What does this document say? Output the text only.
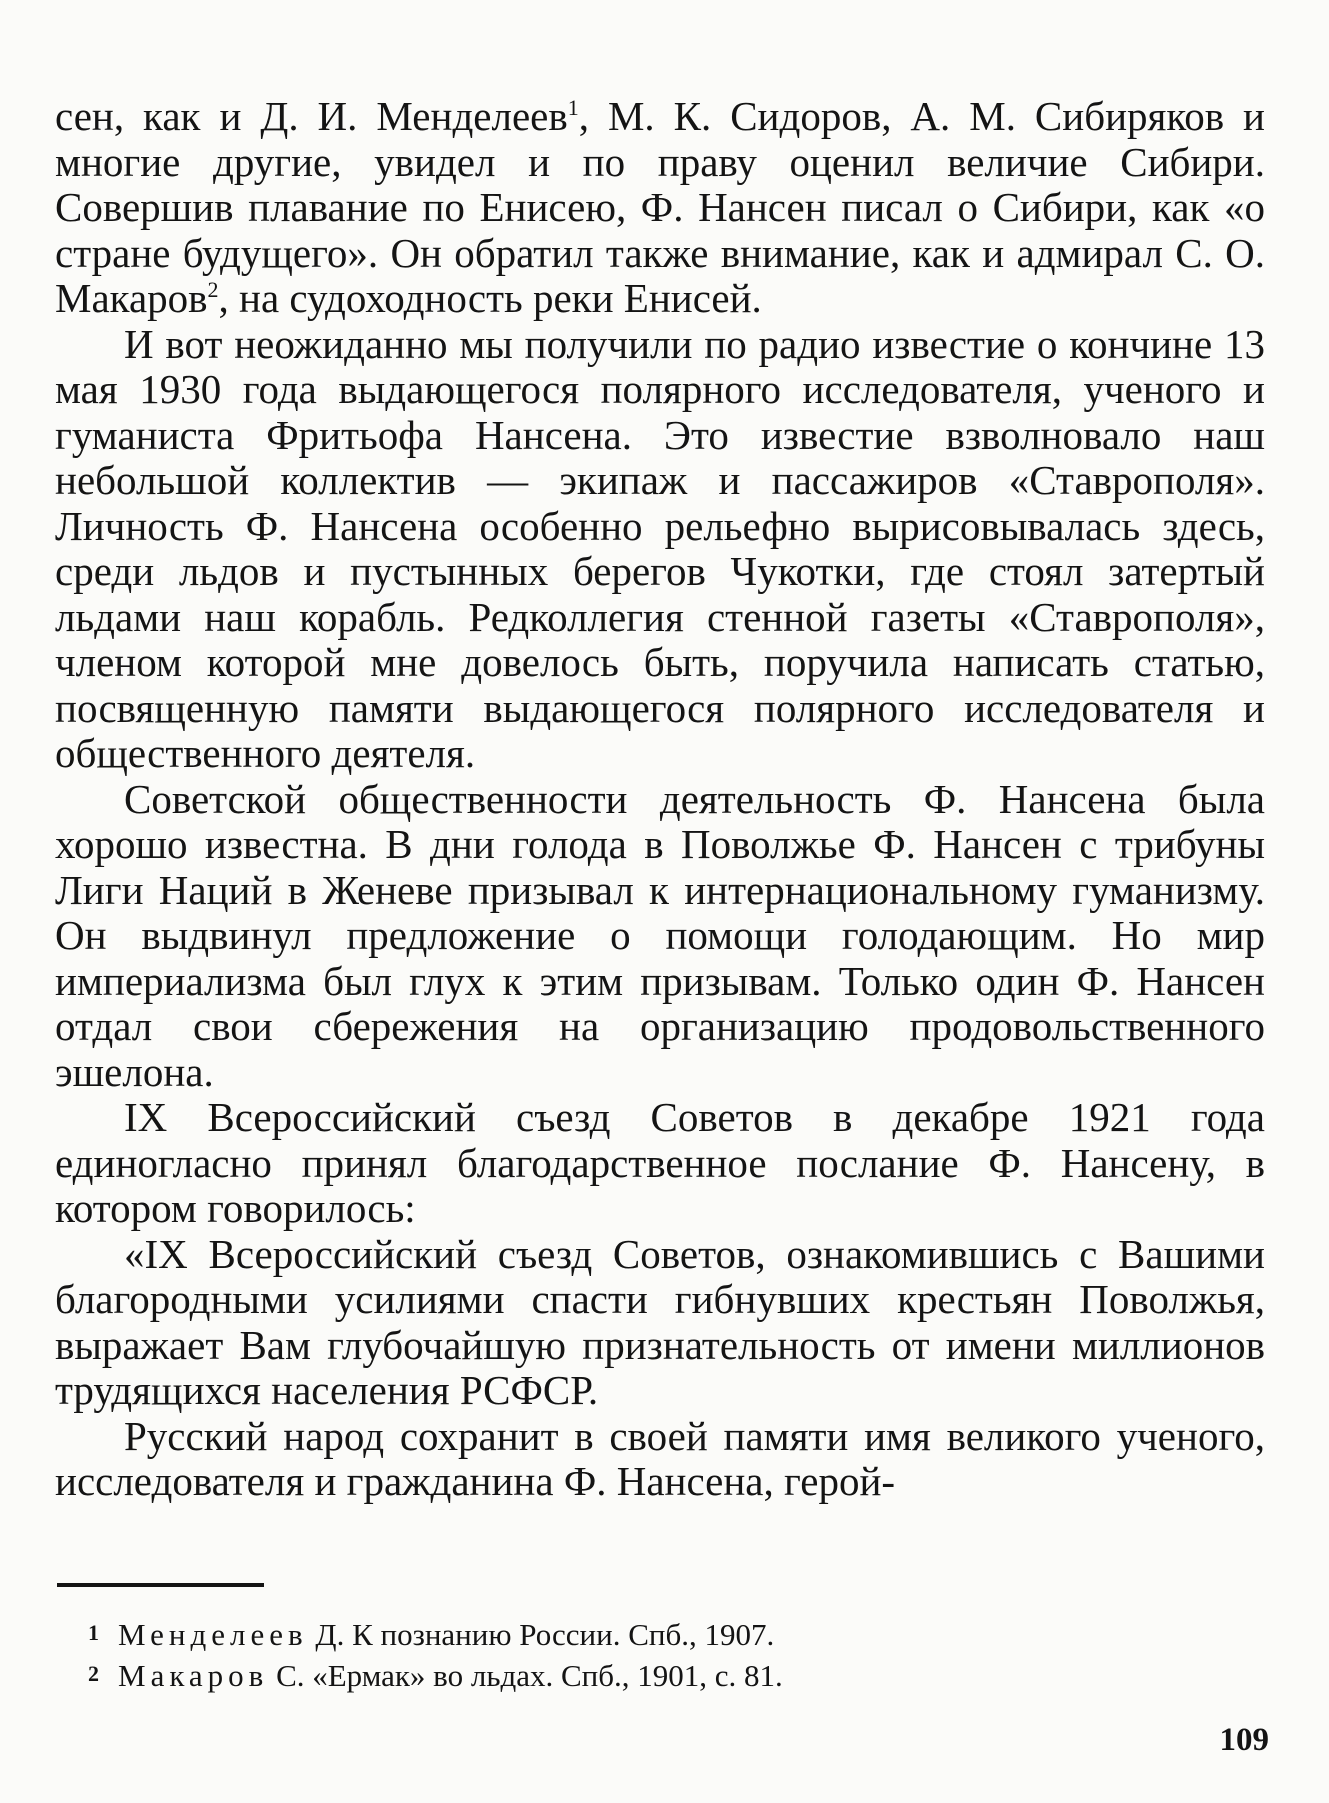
сен, как и Д. И. Менделеев$^1$, М. К. Сидоров, А. М. Сибиряков и многие другие, увидел и по праву оценил величие Сибири. Совершив плавание по Енисею, Ф. Нансен писал о Сибири, как «о стране будущего». Он обратил также внимание, как и адмирал С. О. Макаров$^2$, на судоходность реки Енисей.

И вот неожиданно мы получили по радио известие о кончине 13 мая 1930 года выдающегося полярного исследователя, ученого и гуманиста Фритьофа Нансена. Это известие взволновало наш небольшой коллектив — экипаж и пассажиров «Ставрополя». Личность Ф. Нансена особенно рельефно вырисовывалась здесь, среди льдов и пустынных берегов Чукотки, где стоял затертый льдами наш корабль. Редколлегия стенной газеты «Ставрополя», членом которой мне довелось быть, поручила написать статью, посвященную памяти выдающегося полярного исследователя и общественного деятеля.

Советской общественности деятельность Ф. Нансена была хорошо известна. В дни голода в Поволжье Ф. Нансен с трибуны Лиги Наций в Женеве призывал к интернациональному гуманизму. Он выдвинул предложение о помощи голодающим. Но мир империализма был глух к этим призывам. Только один Ф. Нансен отдал свои сбережения на организацию продовольственного эшелона.

IX Всероссийский съезд Советов в декабре 1921 года единогласно принял благодарственное послание Ф. Нансену, в котором говорилось:

«IX Всероссийский съезд Советов, ознакомившись с Вашими благородными усилиями спасти гибнувших крестьян Поволжья, выражает Вам глубочайшую признательность от имени миллионов трудящихся населения РСФСР.

Русский народ сохранит в своей памяти имя великого ученого, исследователя и гражданина Ф. Нансена, герой-

1 Менделеев Д. К познанию России. Спб., 1907.

2 Макаров С. «Ермак» во льдах. Спб., 1901, с. 81.

109
